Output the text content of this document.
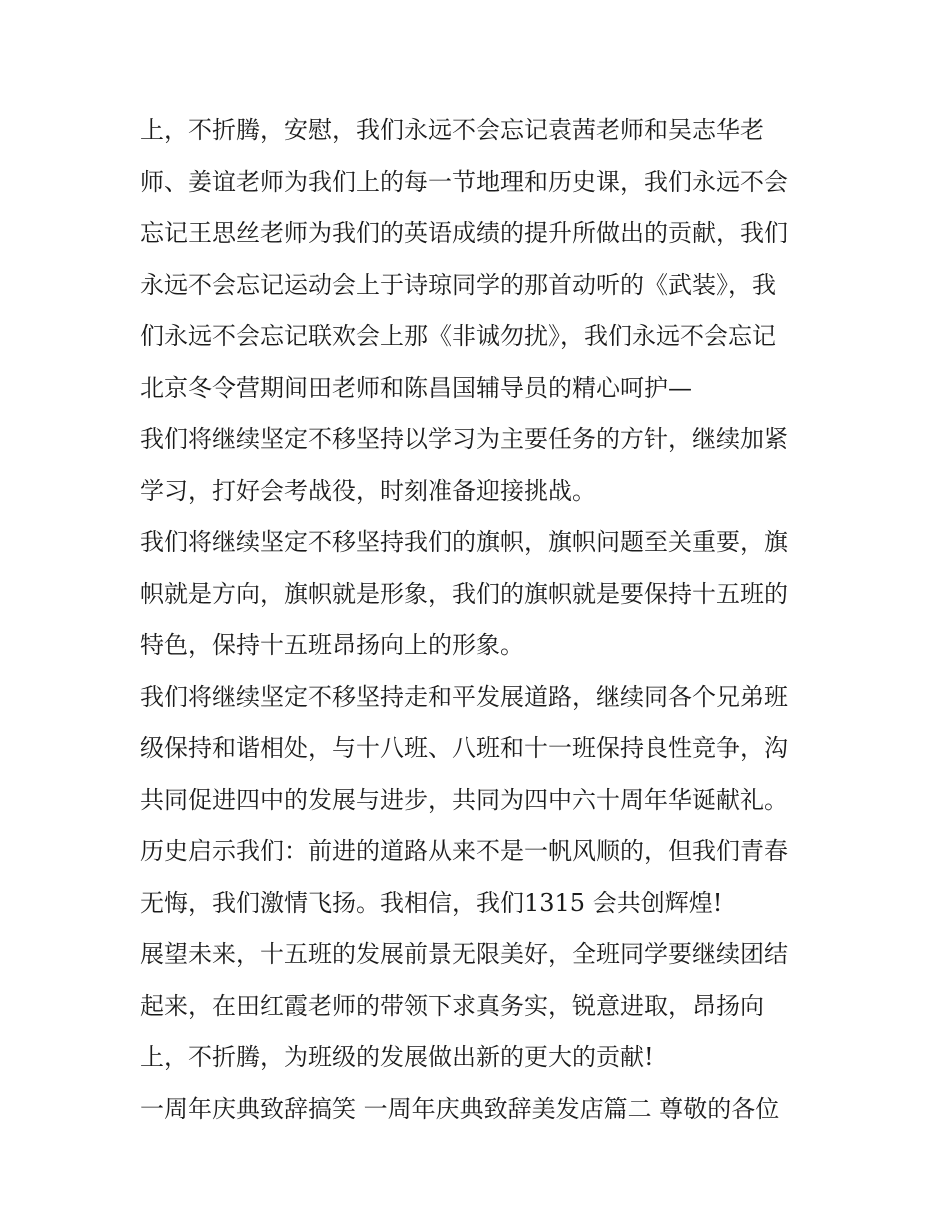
上，不折腾，安慰，我们永远不会忘记袁茜老师和吴志华老
师、姜谊老师为我们上的每一节地理和历史课，我们永远不会
忘记王思丝老师为我们的英语成绩的提升所做出的贡献，我们
永远不会忘记运动会上于诗琼同学的那首动听的《武装》，我
们永远不会忘记联欢会上那《非诚勿扰》，我们永远不会忘记
北京冬令营期间田老师和陈昌国辅导员的精心呵护—
我们将继续坚定不移坚持以学习为主要任务的方针，继续加紧
学习，打好会考战役，时刻准备迎接挑战。
我们将继续坚定不移坚持我们的旗帜，旗帜问题至关重要，旗
帜就是方向，旗帜就是形象，我们的旗帜就是要保持十五班的
特色，保持十五班昂扬向上的形象。
我们将继续坚定不移坚持走和平发展道路，继续同各个兄弟班
级保持和谐相处，与十八班、八班和十一班保持良性竞争，沟
共同促进四中的发展与进步，共同为四中六十周年华诞献礼。
历史启示我们：前进的道路从来不是一帆风顺的，但我们青春
无悔，我们激情飞扬。我相信，我们1315 会共创辉煌!
展望未来，十五班的发展前景无限美好，全班同学要继续团结
起来，在田红霞老师的带领下求真务实，锐意进取，昂扬向
上，不折腾，为班级的发展做出新的更大的贡献!
一周年庆典致辞搞笑 一周年庆典致辞美发店篇二 尊敬的各位
